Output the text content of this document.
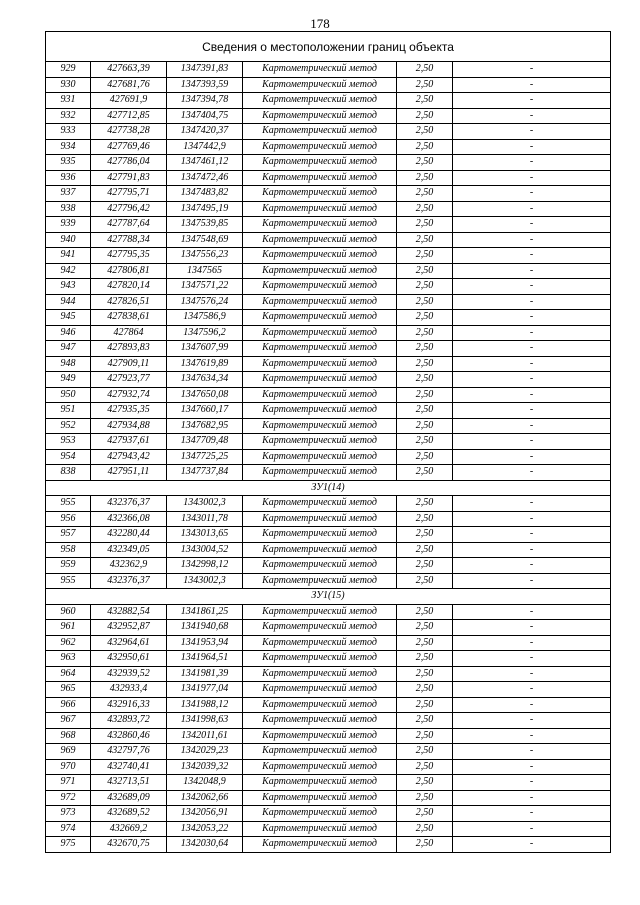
178
Сведения о местоположении границ объекта					
929	427663,39	1347391,83	Картометрический метод	2,50	-
930	427681,76	1347393,59	Картометрический метод	2,50	-
931	427691,9	1347394,78	Картометрический метод	2,50	-
932	427712,85	1347404,75	Картометрический метод	2,50	-
933	427738,28	1347420,37	Картометрический метод	2,50	-
934	427769,46	1347442,9	Картометрический метод	2,50	-
935	427786,04	1347461,12	Картометрический метод	2,50	-
936	427791,83	1347472,46	Картометрический метод	2,50	-
937	427795,71	1347483,82	Картометрический метод	2,50	-
938	427796,42	1347495,19	Картометрический метод	2,50	-
939	427787,64	1347539,85	Картометрический метод	2,50	-
940	427788,34	1347548,69	Картометрический метод	2,50	-
941	427795,35	1347556,23	Картометрический метод	2,50	-
942	427806,81	1347565	Картометрический метод	2,50	-
943	427820,14	1347571,22	Картометрический метод	2,50	-
944	427826,51	1347576,24	Картометрический метод	2,50	-
945	427838,61	1347586,9	Картометрический метод	2,50	-
946	427864	1347596,2	Картометрический метод	2,50	-
947	427893,83	1347607,99	Картометрический метод	2,50	-
948	427909,11	1347619,89	Картометрический метод	2,50	-
949	427923,77	1347634,34	Картометрический метод	2,50	-
950	427932,74	1347650,08	Картометрический метод	2,50	-
951	427935,35	1347660,17	Картометрический метод	2,50	-
952	427934,88	1347682,95	Картометрический метод	2,50	-
953	427937,61	1347709,48	Картометрический метод	2,50	-
954	427943,42	1347725,25	Картометрический метод	2,50	-
838	427951,11	1347737,84	Картометрический метод	2,50	-
ЗУ1(14)					
955	432376,37	1343002,3	Картометрический метод	2,50	-
956	432366,08	1343011,78	Картометрический метод	2,50	-
957	432280,44	1343013,65	Картометрический метод	2,50	-
958	432349,05	1343004,52	Картометрический метод	2,50	-
959	432362,9	1342998,12	Картометрический метод	2,50	-
955	432376,37	1343002,3	Картометрический метод	2,50	-
ЗУ1(15)					
960	432882,54	1341861,25	Картометрический метод	2,50	-
961	432952,87	1341940,68	Картометрический метод	2,50	-
962	432964,61	1341953,94	Картометрический метод	2,50	-
963	432950,61	1341964,51	Картометрический метод	2,50	-
964	432939,52	1341981,39	Картометрический метод	2,50	-
965	432933,4	1341977,04	Картометрический метод	2,50	-
966	432916,33	1341988,12	Картометрический метод	2,50	-
967	432893,72	1341998,63	Картометрический метод	2,50	-
968	432860,46	1342011,61	Картометрический метод	2,50	-
969	432797,76	1342029,23	Картометрический метод	2,50	-
970	432740,41	1342039,32	Картометрический метод	2,50	-
971	432713,51	1342048,9	Картометрический метод	2,50	-
972	432689,09	1342062,66	Картометрический метод	2,50	-
973	432689,52	1342056,91	Картометрический метод	2,50	-
974	432669,2	1342053,22	Картометрический метод	2,50	-
975	432670,75	1342030,64	Картометрический метод	2,50	-
